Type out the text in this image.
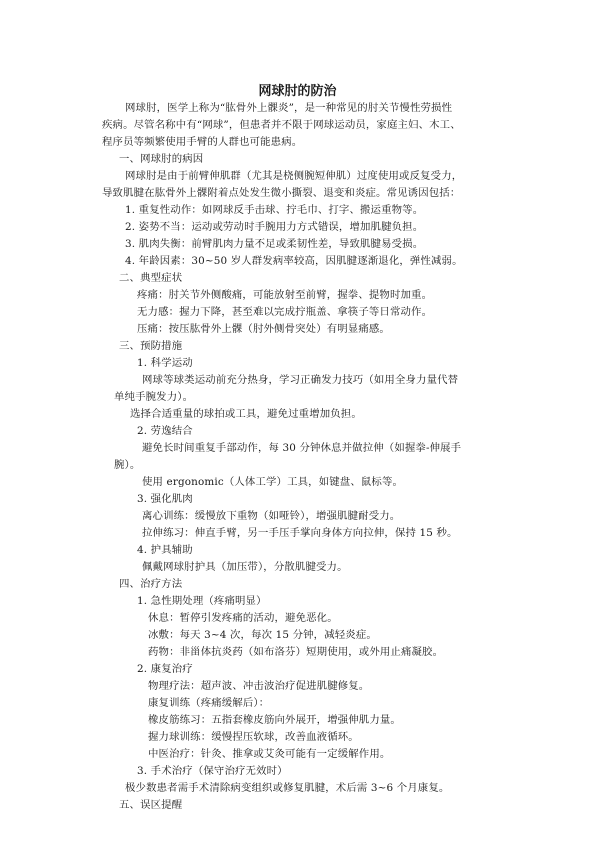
网球肘的防治
网球肘，医学上称为“肱骨外上髁炎”，是一种常见的肘关节慢性劳损性
疾病。尽管名称中有“网球”，但患者并不限于网球运动员，家庭主妇、木工、
程序员等频繁使用手臂的人群也可能患病。
一、网球肘的病因
网球肘是由于前臂伸肌群（尤其是桡侧腕短伸肌）过度使用或反复受力，
导致肌腱在肱骨外上髁附着点处发生微小撕裂、退变和炎症。常见诱因包括：
1. 重复性动作：如网球反手击球、拧毛巾、打字、搬运重物等。
2. 姿势不当：运动或劳动时手腕用力方式错误，增加肌腱负担。
3. 肌肉失衡：前臂肌肉力量不足或柔韧性差，导致肌腱易受损。
4. 年龄因素：30~50 岁人群发病率较高，因肌腱逐渐退化，弹性减弱。
二、典型症状
疼痛：肘关节外侧酸痛，可能放射至前臂，握拳、提物时加重。
无力感：握力下降，甚至难以完成拧瓶盖、拿筷子等日常动作。
压痛：按压肱骨外上髁（肘外侧骨突处）有明显痛感。
三、预防措施
1. 科学运动
网球等球类运动前充分热身，学习正确发力技巧（如用全身力量代替
单纯手腕发力）。
选择合适重量的球拍或工具，避免过重增加负担。
2. 劳逸结合
避免长时间重复手部动作，每 30 分钟休息并做拉伸（如握拳-伸展手
腕）。
使用 ergonomic（人体工学）工具，如键盘、鼠标等。
3. 强化肌肉
离心训练：缓慢放下重物（如哑铃），增强肌腱耐受力。
拉伸练习：伸直手臂，另一手压手掌向身体方向拉伸，保持 15 秒。
4. 护具辅助
佩戴网球肘护具（加压带），分散肌腱受力。
四、治疗方法
1. 急性期处理（疼痛明显）
休息：暂停引发疼痛的活动，避免恶化。
冰敷：每天 3~4 次，每次 15 分钟，减轻炎症。
药物：非甾体抗炎药（如布洛芬）短期使用，或外用止痛凝胶。
2. 康复治疗
物理疗法：超声波、冲击波治疗促进肌腱修复。
康复训练（疼痛缓解后）：
橡皮筋练习：五指套橡皮筋向外展开，增强伸肌力量。
握力球训练：缓慢捏压软球，改善血液循环。
中医治疗：针灸、推拿或艾灸可能有一定缓解作用。
3. 手术治疗（保守治疗无效时）
极少数患者需手术清除病变组织或修复肌腱，术后需 3~6 个月康复。
五、误区提醒
